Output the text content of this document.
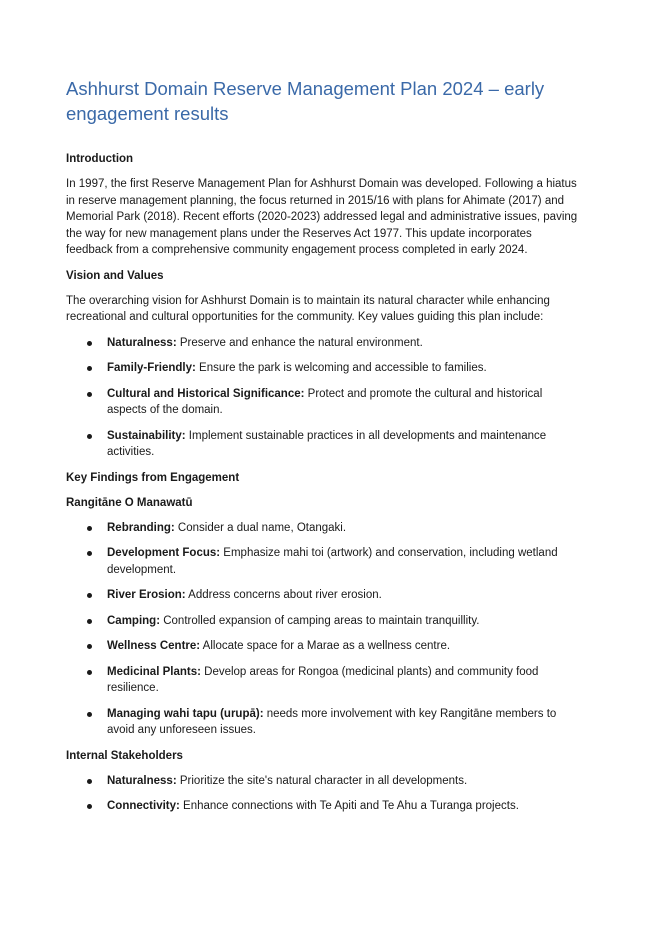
Ashhurst Domain Reserve Management Plan 2024 – early engagement results
Introduction

In 1997, the first Reserve Management Plan for Ashhurst Domain was developed. Following a hiatus in reserve management planning, the focus returned in 2015/16 with plans for Ahimate (2017) and Memorial Park (2018). Recent efforts (2020-2023) addressed legal and administrative issues, paving the way for new management plans under the Reserves Act 1977. This update incorporates feedback from a comprehensive community engagement process completed in early 2024.

Vision and Values

The overarching vision for Ashhurst Domain is to maintain its natural character while enhancing recreational and cultural opportunities for the community. Key values guiding this plan include:

Naturalness: Preserve and enhance the natural environment.
Family-Friendly: Ensure the park is welcoming and accessible to families.
Cultural and Historical Significance: Protect and promote the cultural and historical aspects of the domain.
Sustainability: Implement sustainable practices in all developments and maintenance activities.
Key Findings from Engagement
Rangitāne O Manawatū
Rebranding: Consider a dual name, Otangaki.
Development Focus: Emphasize mahi toi (artwork) and conservation, including wetland development.
River Erosion: Address concerns about river erosion.
Camping: Controlled expansion of camping areas to maintain tranquillity.
Wellness Centre: Allocate space for a Marae as a wellness centre.
Medicinal Plants: Develop areas for Rongoa (medicinal plants) and community food resilience.
Managing wahi tapu (urupā): needs more involvement with key Rangitāne members to avoid any unforeseen issues.
Internal Stakeholders
Naturalness: Prioritize the site's natural character in all developments.
Connectivity: Enhance connections with Te Apiti and Te Ahu a Turanga projects.
